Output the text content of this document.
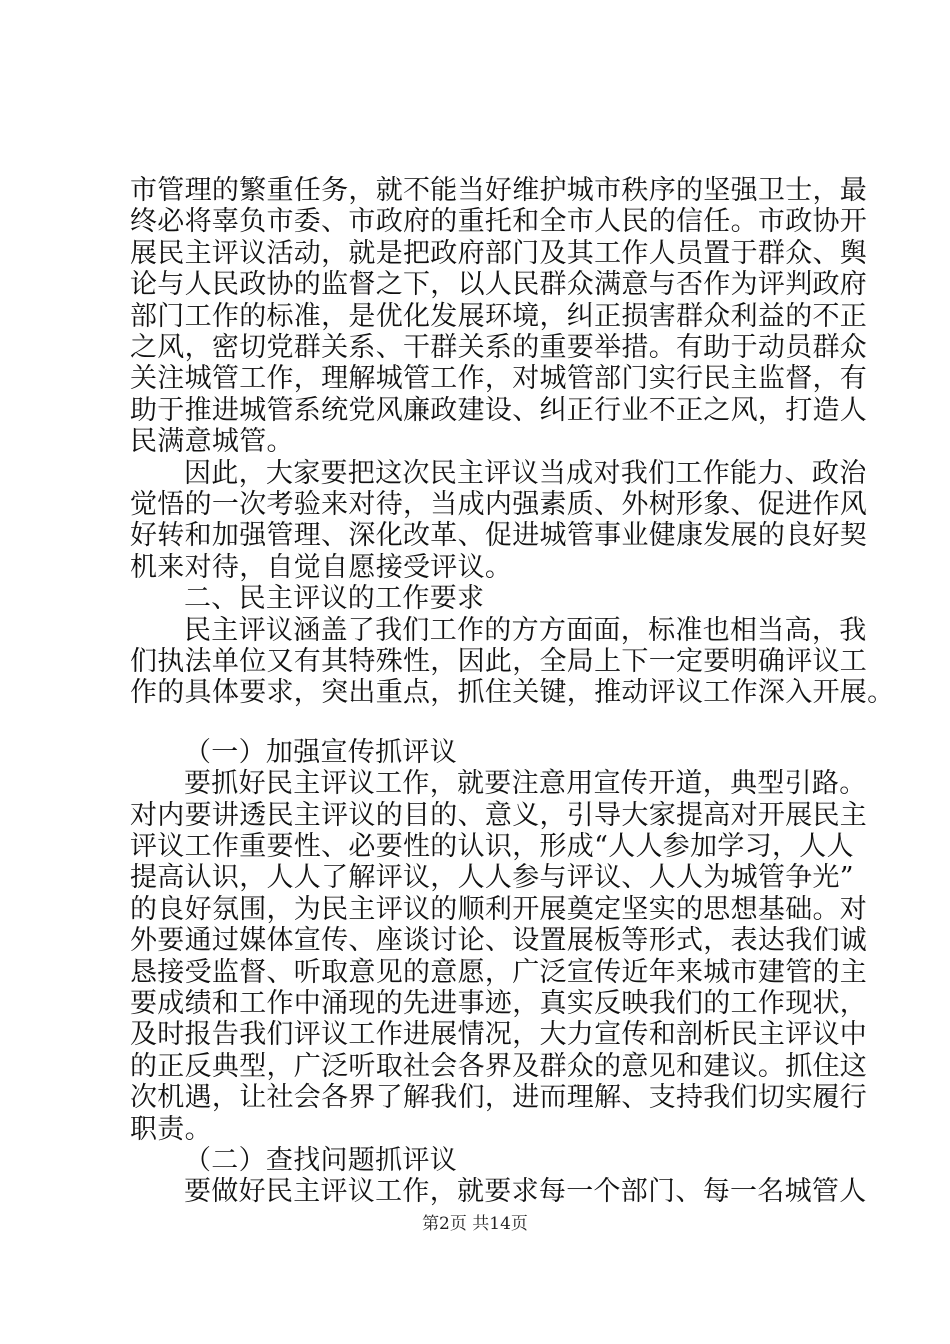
市管理的繁重任务，就不能当好维护城市秩序的坚强卫士，最
终必将辜负市委、市政府的重托和全市人民的信任。市政协开
展民主评议活动，就是把政府部门及其工作人员置于群众、舆
论与人民政协的监督之下，以人民群众满意与否作为评判政府
部门工作的标准，是优化发展环境，纠正损害群众利益的不正
之风，密切党群关系、干群关系的重要举措。有助于动员群众
关注城管工作，理解城管工作，对城管部门实行民主监督，有
助于推进城管系统党风廉政建设、纠正行业不正之风，打造人
民满意城管。
因此，大家要把这次民主评议当成对我们工作能力、政治
觉悟的一次考验来对待，当成内强素质、外树形象、促进作风
好转和加强管理、深化改革、促进城管事业健康发展的良好契
机来对待，自觉自愿接受评议。
二、民主评议的工作要求
民主评议涵盖了我们工作的方方面面，标准也相当高，我
们执法单位又有其特殊性，因此，全局上下一定要明确评议工
作的具体要求，突出重点，抓住关键，推动评议工作深入开展。
（一）加强宣传抓评议
要抓好民主评议工作，就要注意用宣传开道，典型引路。
对内要讲透民主评议的目的、意义，引导大家提高对开展民主
评议工作重要性、必要性的认识，形成“人人参加学习，人人
提高认识，人人了解评议，人人参与评议、人人为城管争光”
的良好氛围，为民主评议的顺利开展奠定坚实的思想基础。对
外要通过媒体宣传、座谈讨论、设置展板等形式，表达我们诚
恳接受监督、听取意见的意愿，广泛宣传近年来城市建管的主
要成绩和工作中涌现的先进事迹，真实反映我们的工作现状，
及时报告我们评议工作进展情况，大力宣传和剖析民主评议中
的正反典型，广泛听取社会各界及群众的意见和建议。抓住这
次机遇，让社会各界了解我们，进而理解、支持我们切实履行
职责。
（二）查找问题抓评议
要做好民主评议工作，就要求每一个部门、每一名城管人
第2页 共14页
